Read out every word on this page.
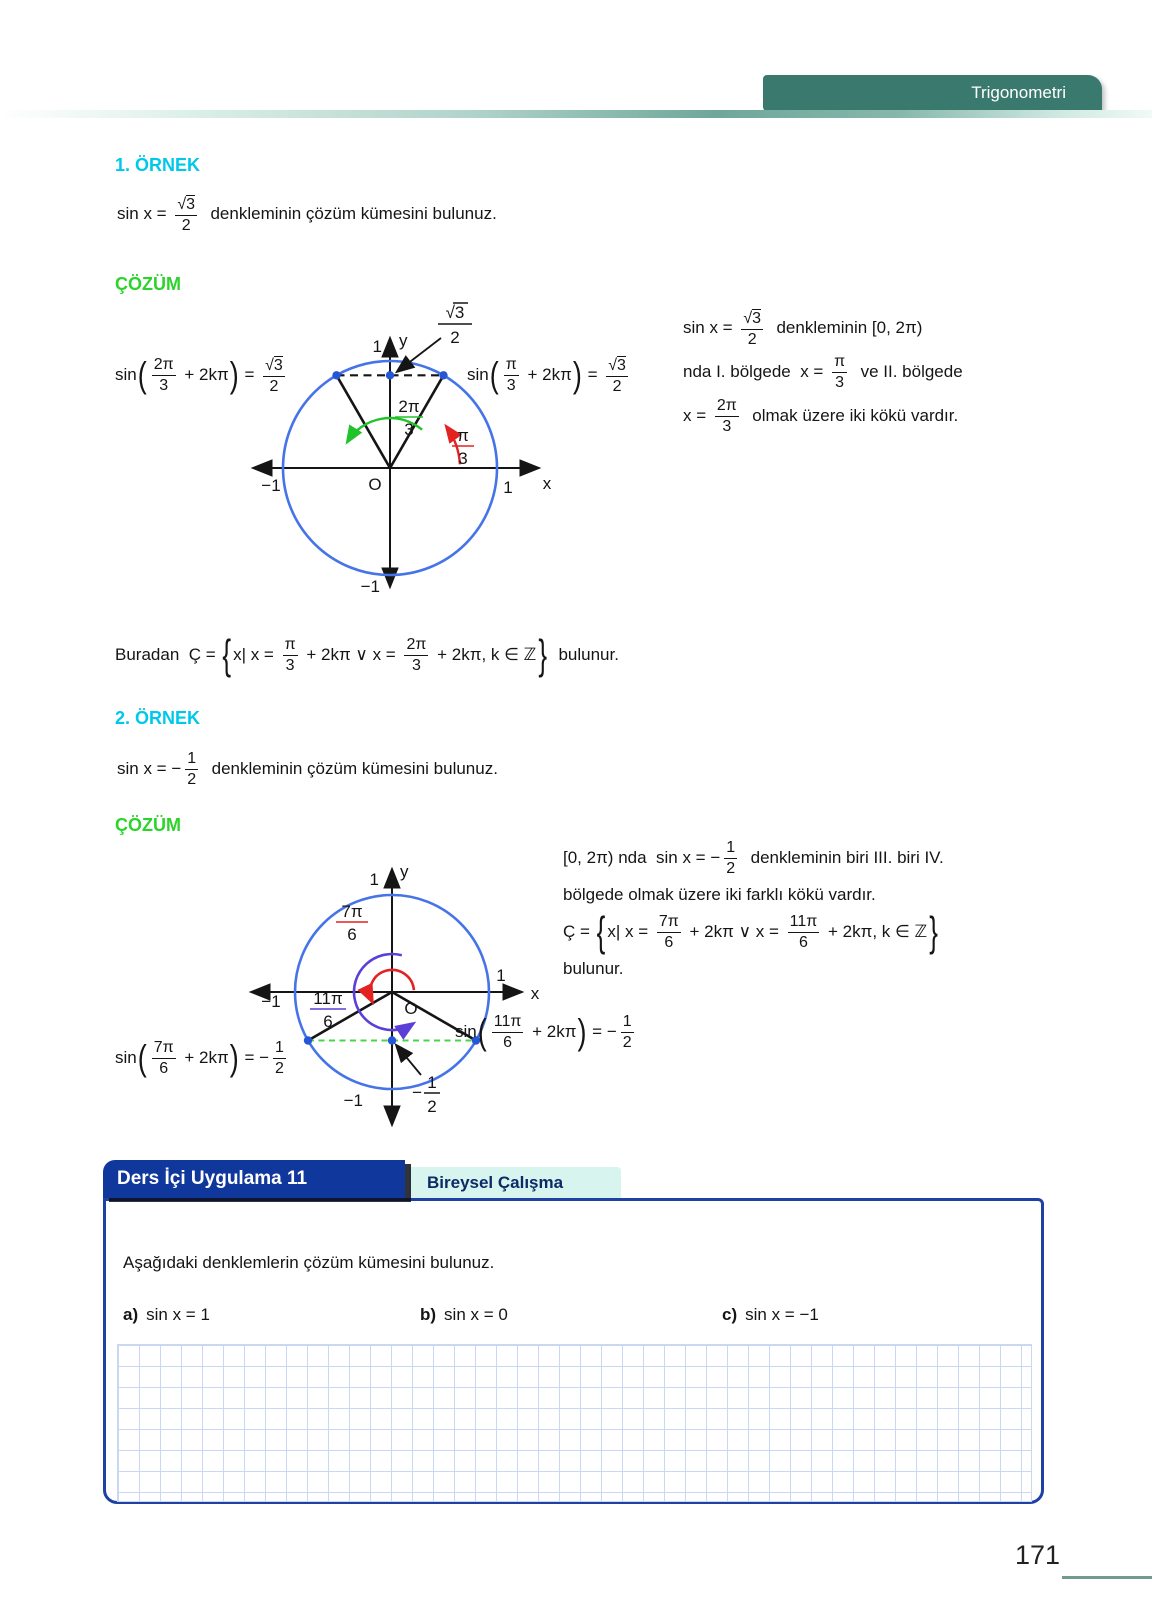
Trigonometri
1. ÖRNEK
$\sin x = \frac{√ 3}{2}$ denkleminin çözüm kümesini bulunuz.
ÇÖZÜM
√3
2
2π
3	π
3
1 y
−1	O	1 x
−1
sin ( $\frac{2\pi}{3} + 2k\pi$ ) = $\frac{√ 3}{2}$	sin ( $\frac{\pi}{3} + 2k\pi$ ) = $\frac{√ 3}{2}$
$\sin x = \frac{√ 3}{2}$ denkleminin [0, 2π)
nda I. bölgede  $x = \frac{\pi}{3}$ ve II. bölgede
$x = \frac{2\pi}{3}$ olmak üzere iki kökü vardır.
Buradan  Ç = { x| $x = \frac{\pi}{3} + 2k\pi$ ∨ $x = \frac{2\pi}{3} + 2k\pi$, k ∈ ℤ } bulunur.
2. ÖRNEK
sin x = − $\frac{1}{2}$ denkleminin çözüm kümesini bulunuz.
ÇÖZÜM
7π
6
11π
6
−
1
2
1 y
1
x
−1	O
−1
[0, 2π) nda  sin x = − $\frac{1}{2}$ denkleminin biri III. biri IV.
bölgede olmak üzere iki farklı kökü vardır.
Ç = { x| $x = \frac{7\pi}{6} + 2k\pi$ ∨ $x = \frac{11\pi}{6} + 2k\pi$, k ∈ ℤ }
bulunur.
sin ( $\frac{7\pi}{6} + 2k\pi$ ) = − $\frac{1}{2}$
sin ( $\frac{11\pi}{6} + 2k\pi$ ) = − $\frac{1}{2}$
Ders İçi Uygulama 11	Bireysel Çalışma
Aşağıdaki denklemlerin çözüm kümesini bulunuz.
a) sin x = 1	b) sin x = 0	c) sin x = −1
171
